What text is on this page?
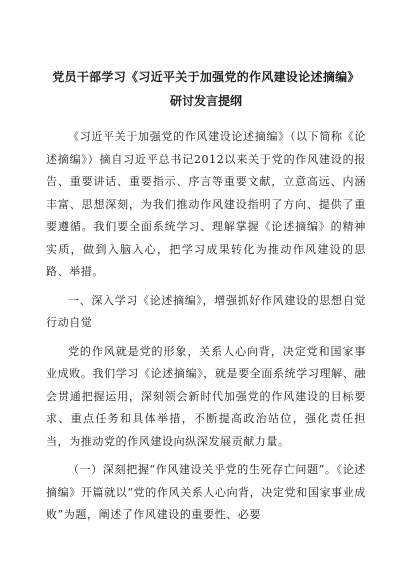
党员干部学习《习近平关于加强党的作风建设论述摘编》
研讨发言提纲

《习近平关于加强党的作风建设论述摘编》（以下简称《论述摘编》）摘自习近平总书记2012以来关于党的作风建设的报告、重要讲话、重要指示、序言等重要文献，立意高远、内涵丰富、思想深刻，为我们推动作风建设指明了方向、提供了重要遵循。我们要全面系统学习、理解掌握《论述摘编》的精神实质，做到入脑入心，把学习成果转化为推动作风建设的思路、举措。

一、深入学习《论述摘编》，增强抓好作风建设的思想自觉行动自觉

党的作风就是党的形象，关系人心向背，决定党和国家事业成败。我们学习《论述摘编》，就是要全面系统学习理解、融会贯通把握运用，深刻领会新时代加强党的作风建设的目标要求、重点任务和具体举措，不断提高政治站位，强化责任担当，为推动党的作风建设向纵深发展贡献力量。

（一）深刻把握“作风建设关乎党的生死存亡问题”。《论述摘编》开篇就以“党的作风关系人心向背，决定党和国家事业成败”为题，阐述了作风建设的重要性、必要
